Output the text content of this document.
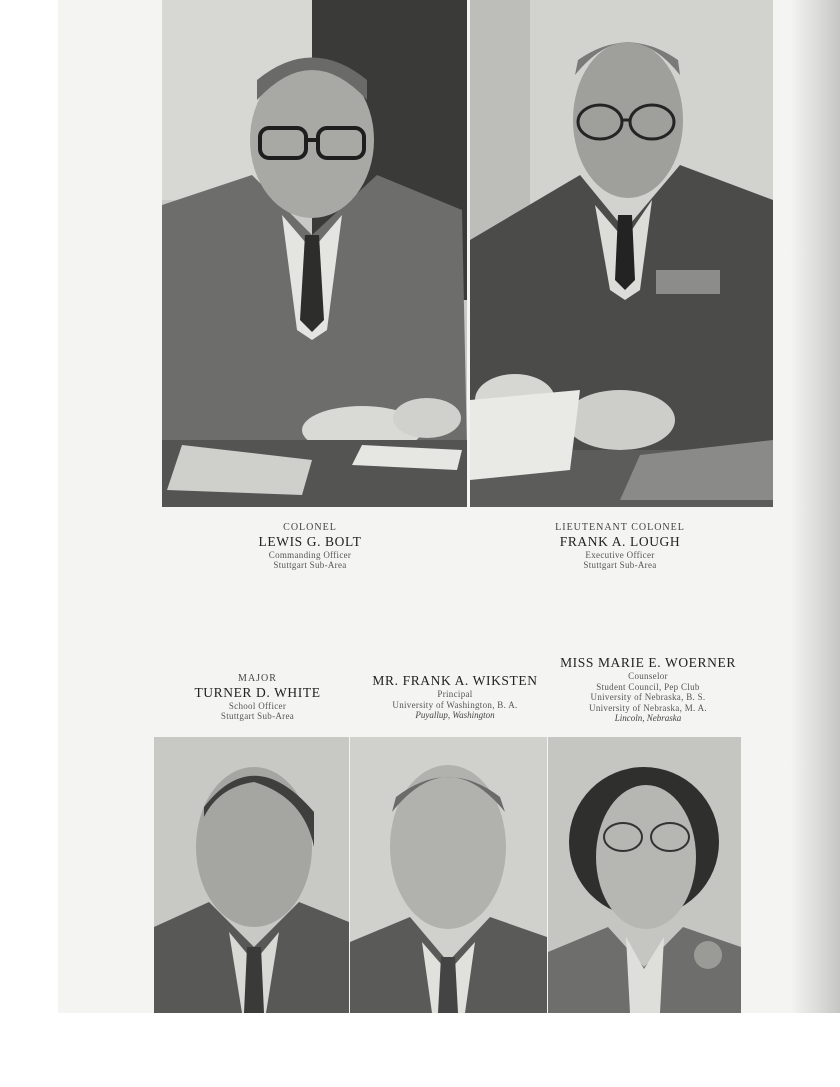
COLONEL
LEWIS G. BOLT
Commanding Officer
Stuttgart Sub-Area
LIEUTENANT COLONEL
FRANK A. LOUGH
Executive Officer
Stuttgart Sub-Area
MAJOR
TURNER D. WHITE
School Officer
Stuttgart Sub-Area
MR. FRANK A. WIKSTEN
Principal
University of Washington, B. A.
Puyallup, Washington
MISS MARIE E. WOERNER
Counselor
Student Council, Pep Club
University of Nebraska, B. S.
University of Nebraska, M. A.
Lincoln, Nebraska
